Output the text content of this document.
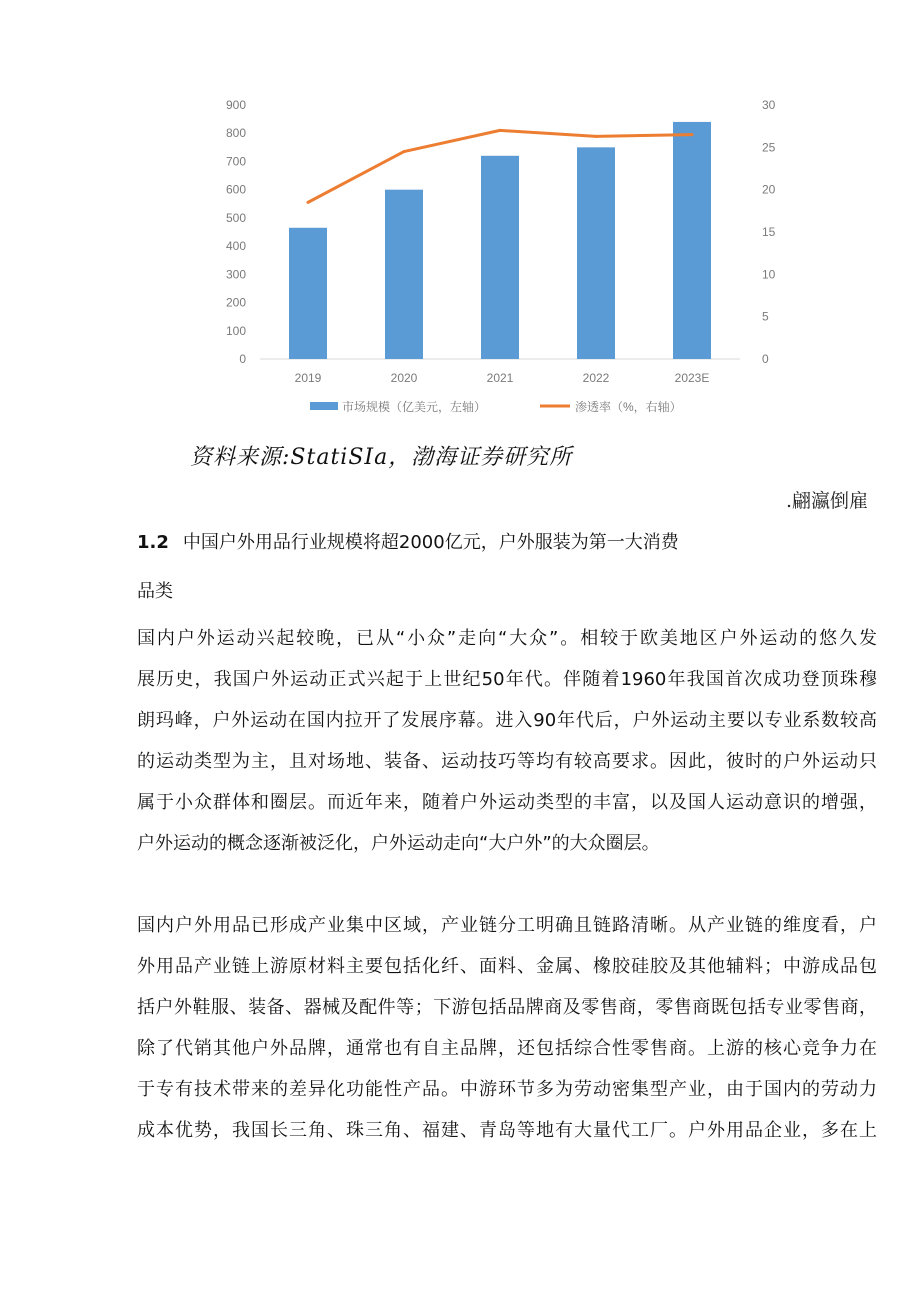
0
100
200
300
400
500
600
700
800
900
0
5
10
15
20
25
30
2019	2020	2021	2022	2023E
市场规模（亿美元，左轴）	渗透率（%，右轴）
资料来源:StatiSIa，渤海证券研究所
.翩瀛倒雇
1.2 中国户外用品行业规模将超2000亿元，户外服装为第一大消费
品类
国内户外运动兴起较晚，已从“小众”走向“大众”。相较于欧美地区户外运动的悠久发
展历史，我国户外运动正式兴起于上世纪50年代。伴随着1960年我国首次成功登顶珠穆
朗玛峰，户外运动在国内拉开了发展序幕。进入90年代后，户外运动主要以专业系数较高
的运动类型为主，且对场地、装备、运动技巧等均有较高要求。因此，彼时的户外运动只
属于小众群体和圈层。而近年来，随着户外运动类型的丰富，以及国人运动意识的增强，
户外运动的概念逐渐被泛化，户外运动走向“大户外”的大众圈层。
国内户外用品已形成产业集中区域，产业链分工明确且链路清晰。从产业链的维度看，户
外用品产业链上游原材料主要包括化纤、面料、金属、橡胶硅胶及其他辅料；中游成品包
括户外鞋服、装备、器械及配件等；下游包括品牌商及零售商，零售商既包括专业零售商，
除了代销其他户外品牌，通常也有自主品牌，还包括综合性零售商。上游的核心竞争力在
于专有技术带来的差异化功能性产品。中游环节多为劳动密集型产业，由于国内的劳动力
成本优势，我国长三角、珠三角、福建、青岛等地有大量代工厂。户外用品企业，多在上
